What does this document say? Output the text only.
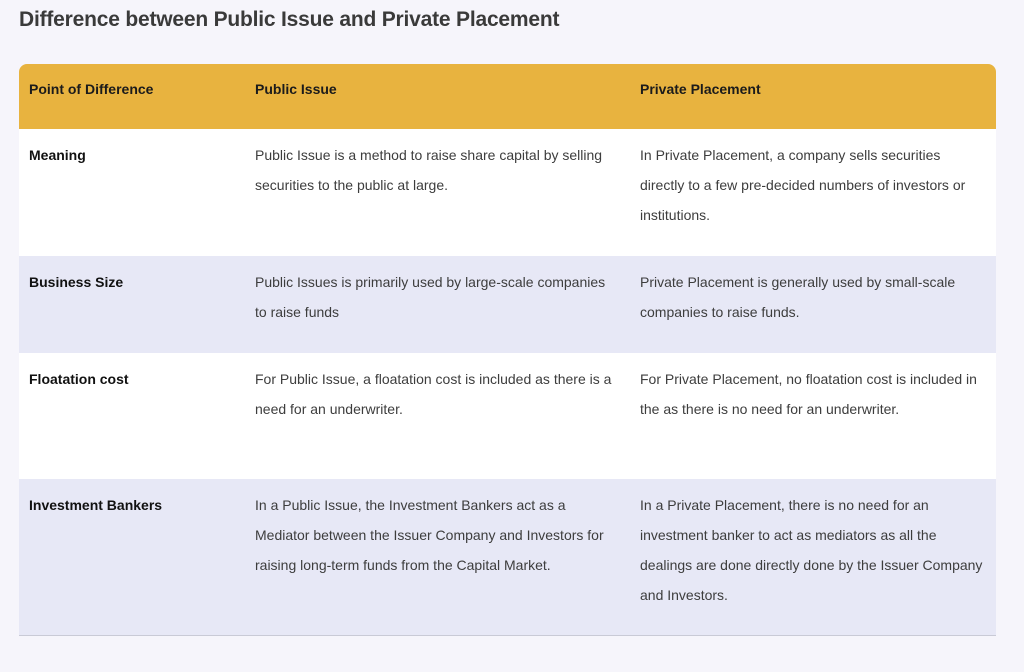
Difference between Public Issue and Private Placement
Point of Difference	Public Issue	Private Placement
Meaning	Public Issue is a method to raise share capital by selling securities to the public at large.	In Private Placement, a company sells securities directly to a few pre-decided numbers of investors or institutions.
Business Size	Public Issues is primarily used by large-scale companies to raise funds	Private Placement is generally used by small-scale companies to raise funds.
Floatation cost	For Public Issue, a floatation cost is included as there is a need for an underwriter.	For Private Placement, no floatation cost is included in the as there is no need for an underwriter.
Investment Bankers	In a Public Issue, the Investment Bankers act as a Mediator between the Issuer Company and Investors for raising long-term funds from the Capital Market.	In a Private Placement, there is no need for an investment banker to act as mediators as all the dealings are done directly done by the Issuer Company and Investors.
